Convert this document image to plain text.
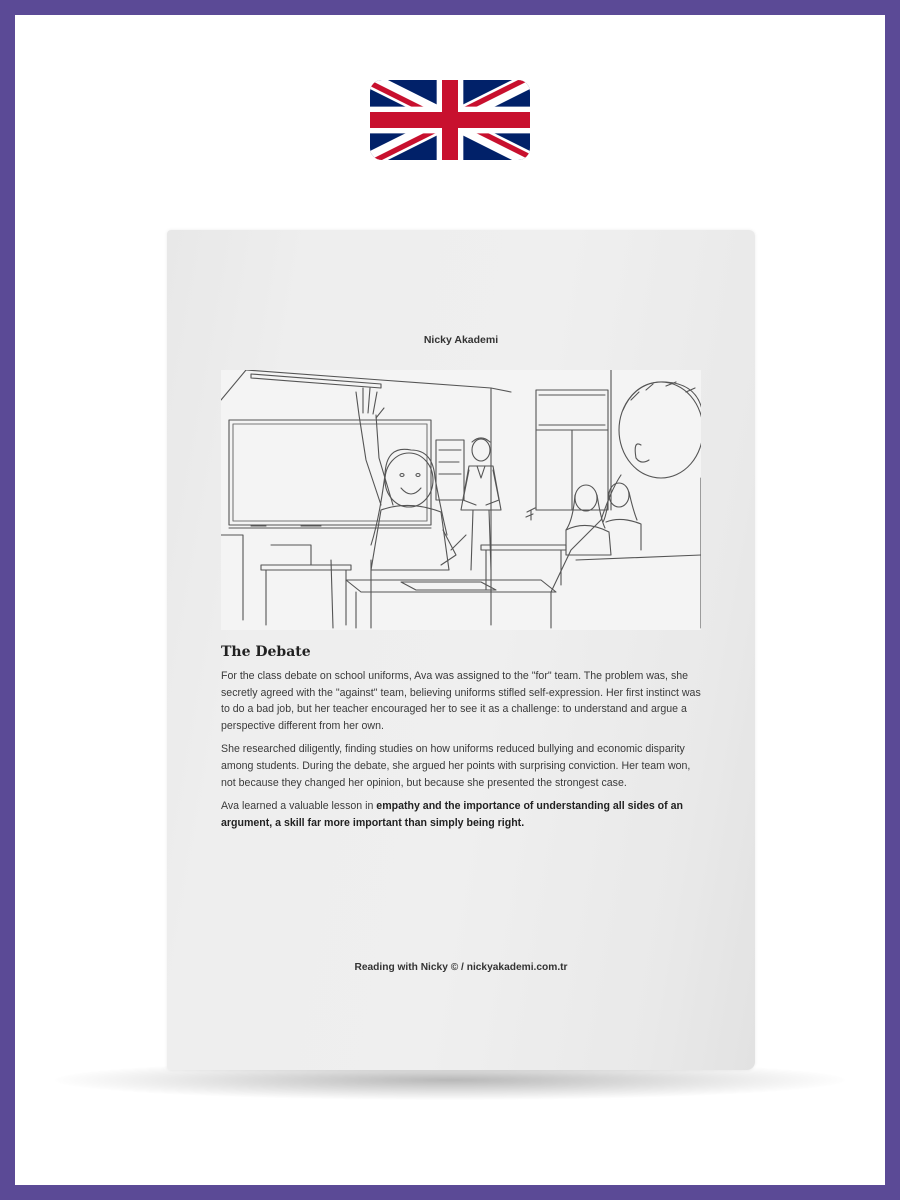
Nicky Akademi
The Debate

For the class debate on school uniforms, Ava was assigned to the "for" team. The problem was, she secretly agreed with the "against" team, believing uniforms stifled self-expression. Her first instinct was to do a bad job, but her teacher encouraged her to see it as a challenge: to understand and argue a perspective different from her own.

She researched diligently, finding studies on how uniforms reduced bullying and economic disparity among students. During the debate, she argued her points with surprising conviction. Her team won, not because they changed her opinion, but because she presented the strongest case.

Ava learned a valuable lesson in empathy and the importance of understanding all sides of an argument, a skill far more important than simply being right.

Reading with Nicky © / nickyakademi.com.tr
